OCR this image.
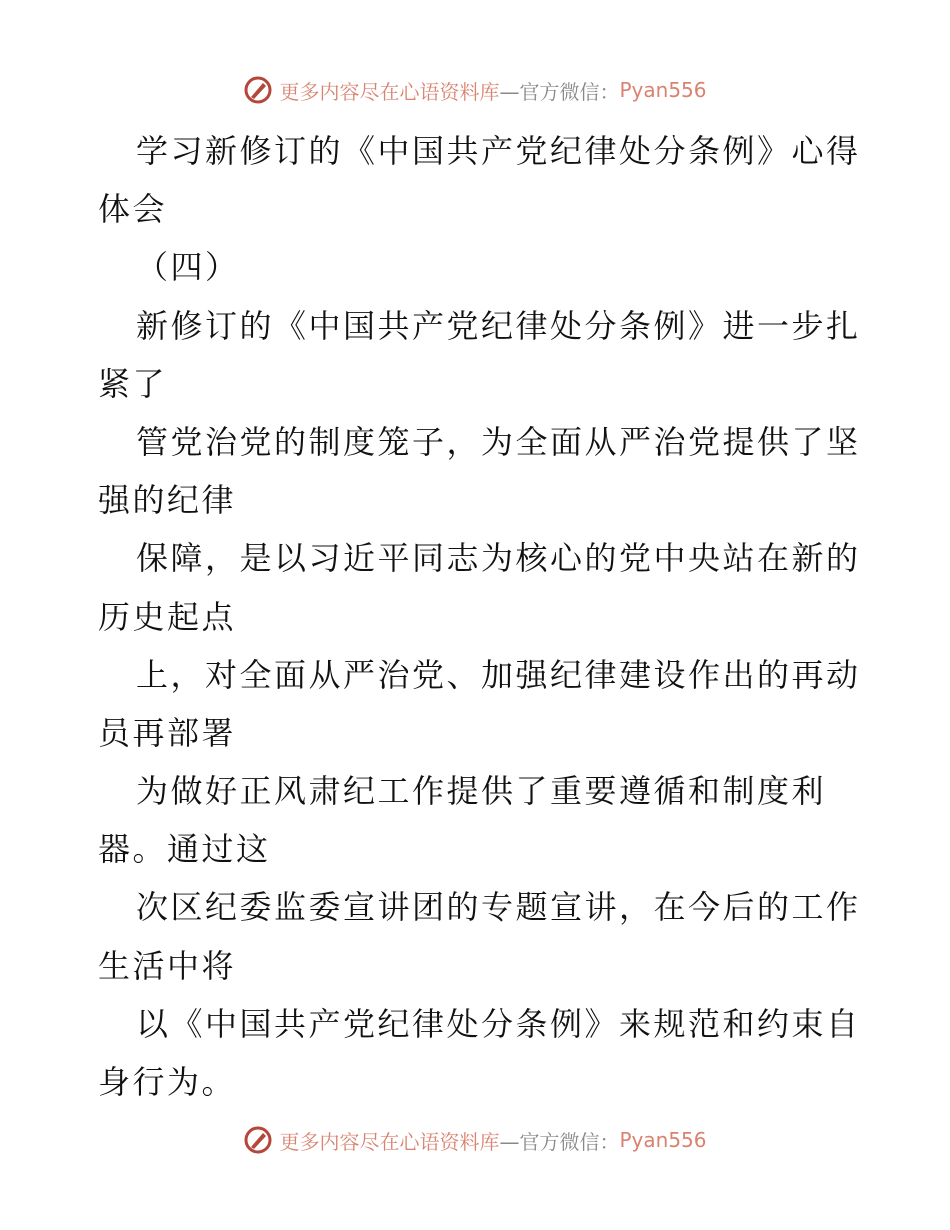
更多内容尽在心语资料库 —官方微信： Pyan556
学习新修订的《中国共产党纪律处分条例》心得
体会
（四）
新修订的《中国共产党纪律处分条例》进一步扎
紧了
管党治党的制度笼子，为全面从严治党提供了坚
强的纪律
保障，是以习近平同志为核心的党中央站在新的
历史起点
上，对全面从严治党、加强纪律建设作出的再动
员再部署
为做好正风肃纪工作提供了重要遵循和制度利
器。通过这
次区纪委监委宣讲团的专题宣讲，在今后的工作
生活中将
以《中国共产党纪律处分条例》来规范和约束自
身行为。
更多内容尽在心语资料库 —官方微信： Pyan556
